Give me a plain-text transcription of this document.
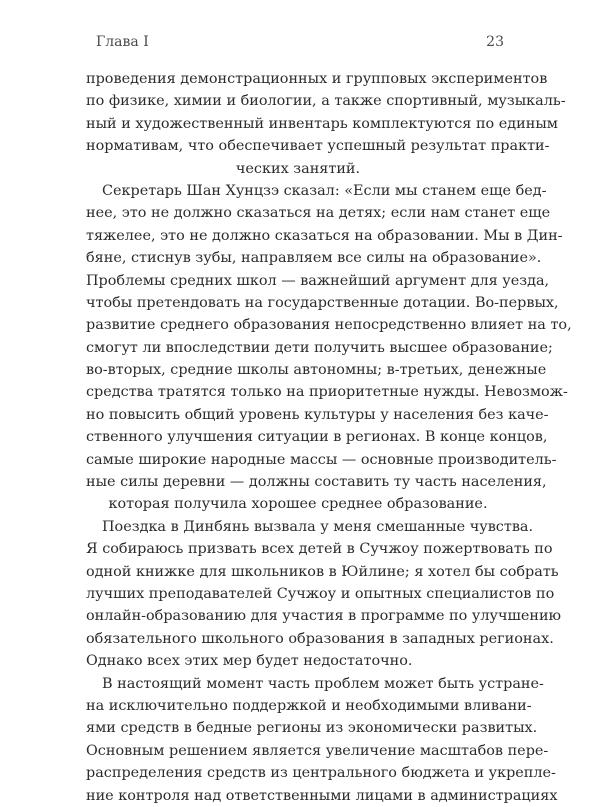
Глава I	23
проведения демонстрационных и групповых экспериментов
по физике, химии и биологии, а также спортивный, музыкаль-
ный и художественный инвентарь комплектуются по единым
нормативам, что обеспечивает успешный результат практи-
ческих занятий.
Секретарь Шан Хунцзэ сказал: «Если мы станем еще бед-
нее, это не должно сказаться на детях; если нам станет еще
тяжелее, это не должно сказаться на образовании. Мы в Дин-
бяне, стиснув зубы, направляем все силы на образование».
Проблемы средних школ — важнейший аргумент для уезда,
чтобы претендовать на государственные дотации. Во-первых,
развитие среднего образования непосредственно влияет на то,
смогут ли впоследствии дети получить высшее образование;
во-вторых, средние школы автономны; в-третьих, денежные
средства тратятся только на приоритетные нужды. Невозмож-
но повысить общий уровень культуры у населения без каче-
ственного улучшения ситуации в регионах. В конце концов,
самые широкие народные массы — основные производитель-
ные силы деревни — должны составить ту часть населения,
которая получила хорошее среднее образование.
Поездка в Динбянь вызвала у меня смешанные чувства.
Я собираюсь призвать всех детей в Сучжоу пожертвовать по
одной книжке для школьников в Юйлине; я хотел бы собрать
лучших преподавателей Сучжоу и опытных специалистов по
онлайн-образованию для участия в программе по улучшению
обязательного школьного образования в западных регионах.
Однако всех этих мер будет недостаточно.
В настоящий момент часть проблем может быть устране-
на исключительно поддержкой и необходимыми вливани-
ями средств в бедные регионы из экономически развитых.
Основным решением является увеличение масштабов пере-
распределения средств из центрального бюджета и укрепле-
ние контроля над ответственными лицами в администрациях
